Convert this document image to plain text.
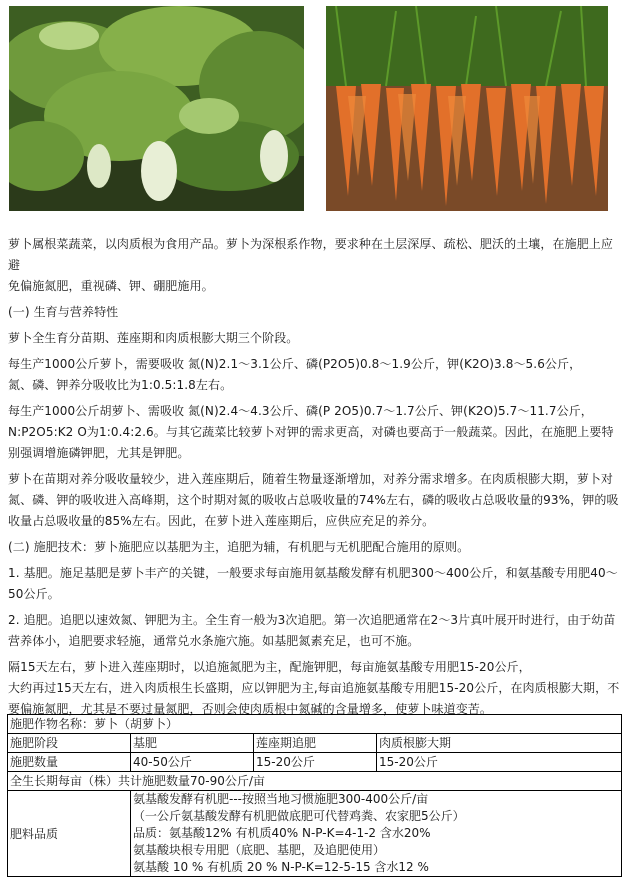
萝卜属根菜蔬菜，以肉质根为食用产品。萝卜为深根系作物，要求种在土层深厚、疏松、肥沃的土壤，在施肥上应避

免偏施氮肥，重视磷、钾、硼肥施用。

(一) 生育与营养特性

萝卜全生育分苗期、莲座期和肉质根膨大期三个阶段。

每生产1000公斤萝卜，需要吸收 氮(N)2.1～3.1公斤、磷(P2O5)0.8～1.9公斤，钾(K2O)3.8～5.6公斤，

氮、磷、钾养分吸收比为1:0.5:1.8左右。

每生产1000公斤胡萝卜、需吸收 氮(N)2.4～4.3公斤、磷(P 2O5)0.7～1.7公斤、钾(K2O)5.7～11.7公斤，

N:P2O5:K2 O为1:0.4:2.6。与其它蔬菜比较萝卜对钾的需求更高，对磷也要高于一般蔬菜。因此，在施肥上要特

别强调增施磷钾肥，尤其是钾肥。

萝卜在苗期对养分吸收量较少，进入莲座期后，随着生物量逐渐增加，对养分需求增多。在肉质根膨大期，萝卜对

氮、磷、钾的吸收进入高峰期，这个时期对氮的吸收占总吸收量的74%左右，磷的吸收占总吸收量的93%，钾的吸

收量占总吸收量的85%左右。因此，在萝卜进入莲座期后，应供应充足的养分。

(二) 施肥技术：萝卜施肥应以基肥为主，追肥为辅，有机肥与无机肥配合施用的原则。

1. 基肥。施足基肥是萝卜丰产的关键，一般要求每亩施用氨基酸发酵有机肥300～400公斤，和氨基酸专用肥40～

50公斤。

2. 追肥。追肥以速效氮、钾肥为主。全生育一般为3次追肥。第一次追肥通常在2～3片真叶展开时进行，由于幼苗

营养体小，追肥要求轻施，通常兑水条施穴施。如基肥氮素充足，也可不施。

隔15天左右，萝卜进入莲座期时，以追施氮肥为主，配施钾肥，每亩施氨基酸专用肥15-20公斤，

大约再过15天左右，进入肉质根生长盛期，应以钾肥为主,每亩追施氨基酸专用肥15-20公斤，在肉质根膨大期，不

要偏施氮肥，尤其是不要过量氮肥，否则会使肉质根中氮碱的含量增多，使萝卜味道变苦。

施肥作物名称：萝卜（胡萝卜）			
施肥阶段	基肥	莲座期追肥	肉质根膨大期
施肥数量	40-50公斤	15-20公斤	15-20公斤
全生长期每亩（株）共计施肥数量70-90公斤/亩			
肥料品质	氨基酸发酵有机肥---按照当地习惯施肥300-400公斤/亩
（一公斤氨基酸发酵有机肥做底肥可代替鸡粪、农家肥5公斤）
品质：氨基酸12% 有机质40% N-P-K=4-1-2 含水20%
氨基酸块根专用肥（底肥、基肥，及追肥使用）
氨基酸 10 % 有机质 20 % N-P-K=12-5-15 含水12 %		
